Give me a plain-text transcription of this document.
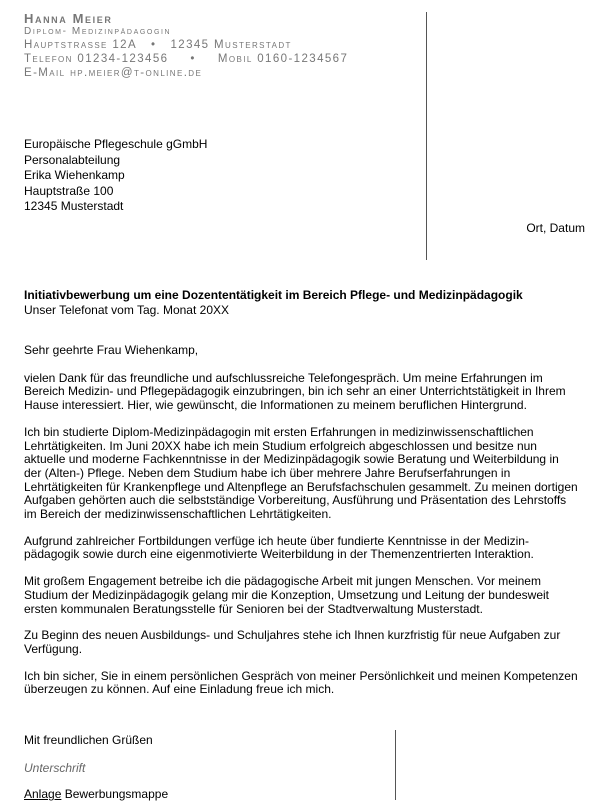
Hanna Meier
Diplom- Medizinpädagogin
Hauptstrasse 12A • 12345 Musterstadt
Telefon 01234-123456 • Mobil 0160-1234567
E-Mail hp.meier@t-online.de
Europäische Pflegeschule gGmbH
Personalabteilung
Erika Wiehenkamp
Hauptstraße 100
12345 Musterstadt
Ort, Datum
Initiativbewerbung um eine Dozententätigkeit im Bereich Pflege- und Medizinpädagogik
Unser Telefonat vom Tag. Monat 20XX

Sehr geehrte Frau Wiehenkamp,

vielen Dank für das freundliche und aufschlussreiche Telefongespräch. Um meine Erfahrungen im Bereich Medizin- und Pflegepädagogik einzubringen, bin ich sehr an einer Unterrichtstätigkeit in Ihrem Hause interessiert. Hier, wie gewünscht, die Informationen zu meinem beruflichen Hintergrund.

Ich bin studierte Diplom-Medizinpädagogin mit ersten Erfahrungen in medizinwissenschaftlichen Lehrtätigkeiten. Im Juni 20XX habe ich mein Studium erfolgreich abgeschlossen und besitze nun aktuelle und moderne Fachkenntnisse in der Medizinpädagogik sowie Beratung und Weiterbildung in der (Alten-) Pflege. Neben dem Studium habe ich über mehrere Jahre Berufserfahrungen in Lehrtätigkeiten für Krankenpflege und Altenpflege an Berufsfachschulen gesammelt. Zu meinen dortigen Aufgaben gehörten auch die selbstständige Vorbereitung, Ausführung und Präsentation des Lehrstoffs im Bereich der medizinwissenschaftlichen Lehrtätigkeiten.

Aufgrund zahlreicher Fortbildungen verfüge ich heute über fundierte Kenntnisse in der Medizin-pädagogik sowie durch eine eigenmotivierte Weiterbildung in der Themenzentrierten Interaktion.

Mit großem Engagement betreibe ich die pädagogische Arbeit mit jungen Menschen. Vor meinem Studium der Medizinpädagogik gelang mir die Konzeption, Umsetzung und Leitung der bundesweit ersten kommunalen Beratungsstelle für Senioren bei der Stadtverwaltung Musterstadt.

Zu Beginn des neuen Ausbildungs- und Schuljahres stehe ich Ihnen kurzfristig für neue Aufgaben zur Verfügung.

Ich bin sicher, Sie in einem persönlichen Gespräch von meiner Persönlichkeit und meinen Kompetenzen überzeugen zu können. Auf eine Einladung freue ich mich.

Mit freundlichen Grüßen
Unterschrift
Anlage Bewerbungsmappe
